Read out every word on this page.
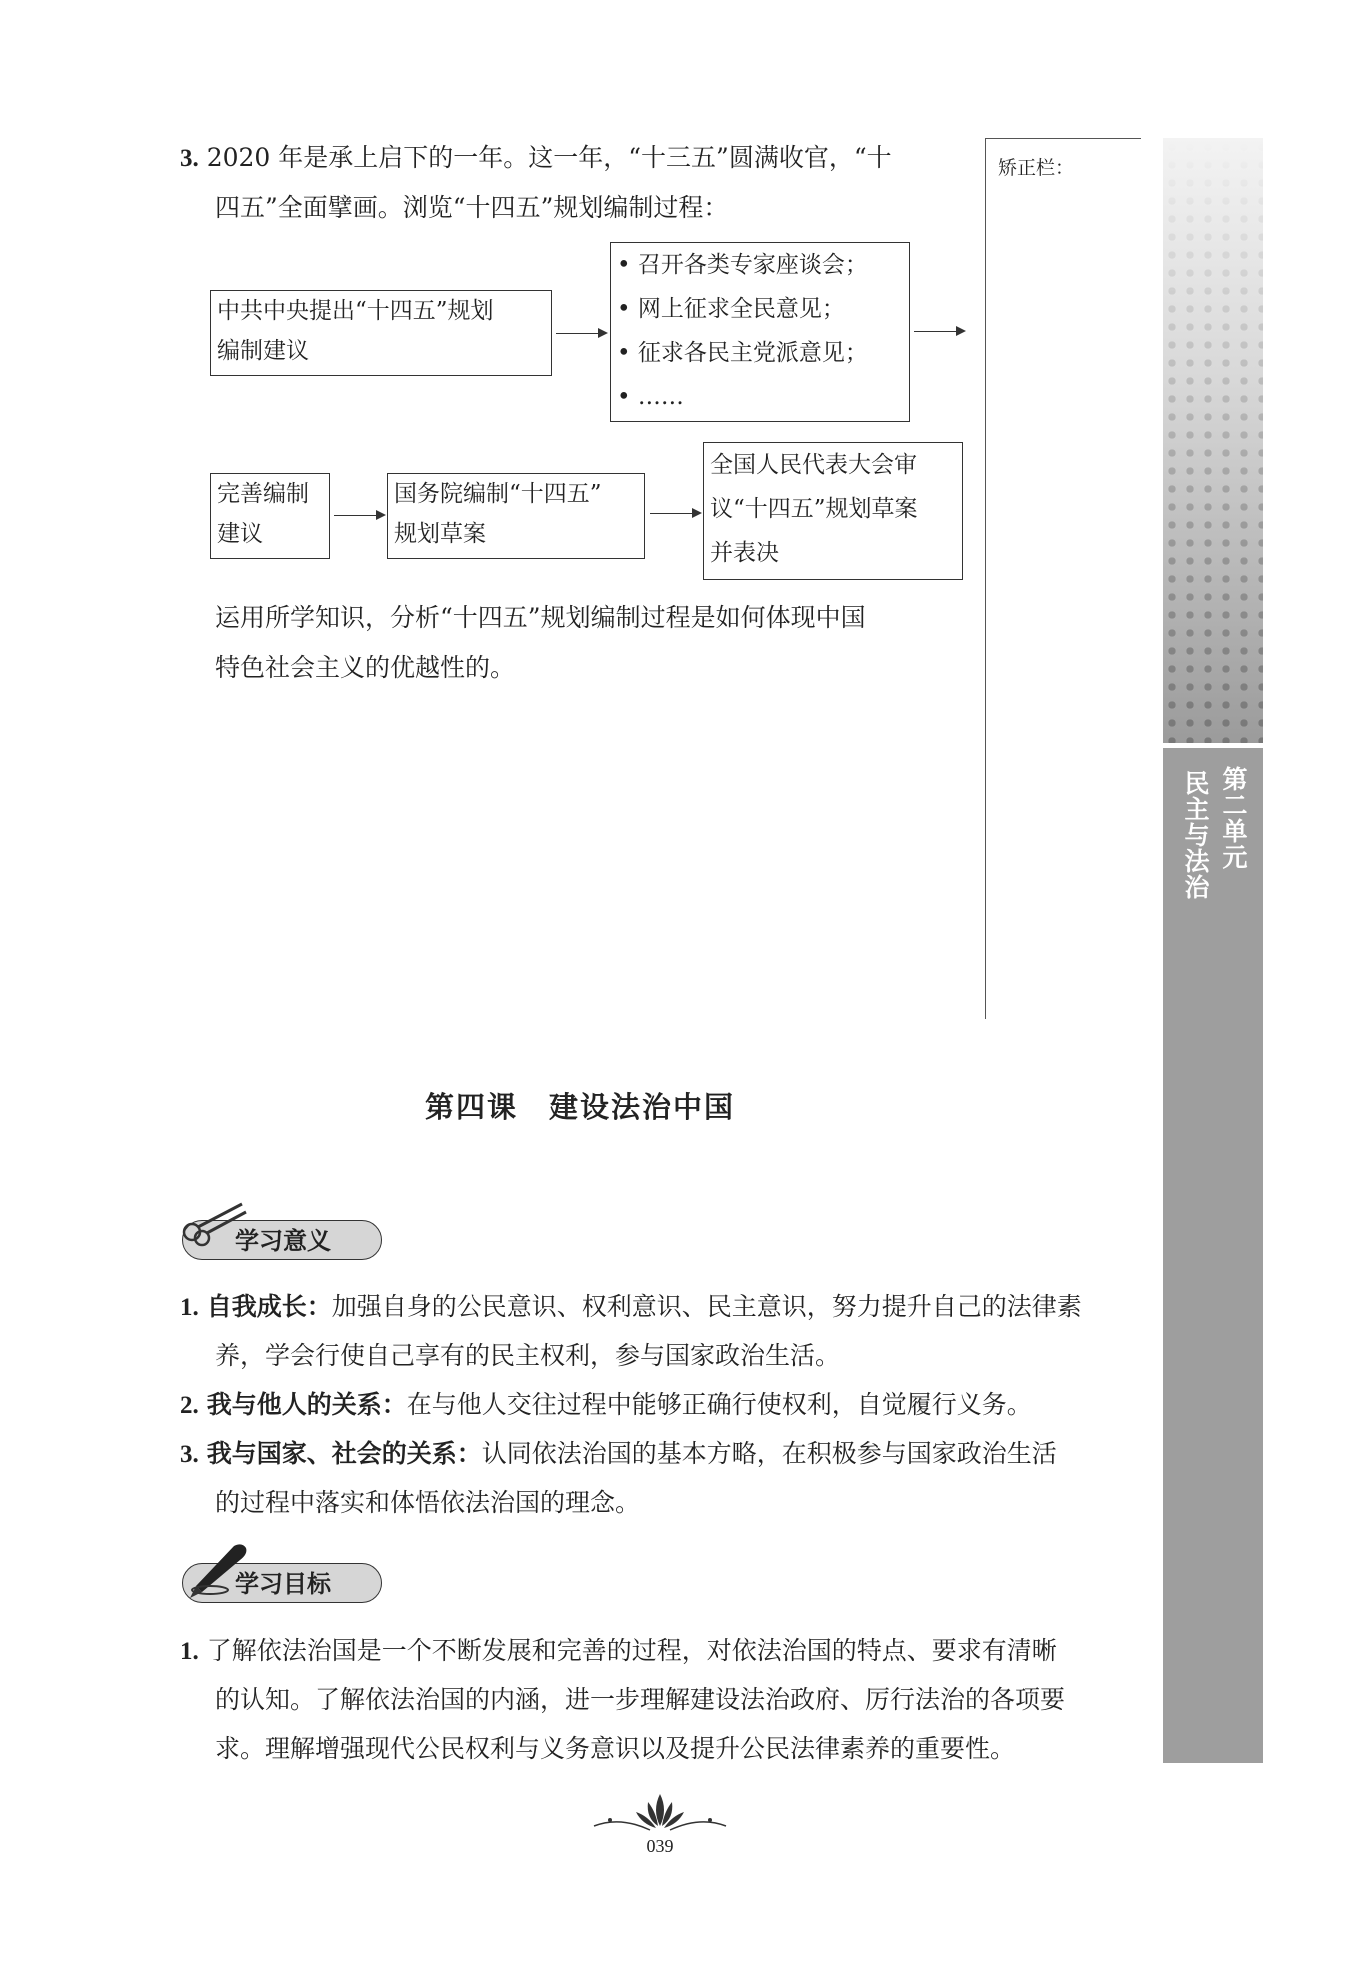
3. 2020 年是承上启下的一年。这一年，“十三五”圆满收官，“十
四五”全面擘画。浏览“十四五”规划编制过程：
中共中央提出“十四五”规划
编制建议
• 召开各类专家座谈会；
• 网上征求全民意见；
• 征求各民主党派意见；
• ……
完善编制
建议
国务院编制“十四五”
规划草案
全国人民代表大会审
议“十四五”规划草案
并表决
运用所学知识，分析“十四五”规划编制过程是如何体现中国
特色社会主义的优越性的。
矫正栏：
第二单元
民主与法治
第四课　建设法治中国
学习意义
1. 自我成长：加强自身的公民意识、权利意识、民主意识，努力提升自己的法律素
养，学会行使自己享有的民主权利，参与国家政治生活。
2. 我与他人的关系：在与他人交往过程中能够正确行使权利，自觉履行义务。
3. 我与国家、社会的关系：认同依法治国的基本方略，在积极参与国家政治生活
的过程中落实和体悟依法治国的理念。
学习目标
1. 了解依法治国是一个不断发展和完善的过程，对依法治国的特点、要求有清晰
的认知。了解依法治国的内涵，进一步理解建设法治政府、厉行法治的各项要
求。理解增强现代公民权利与义务意识以及提升公民法律素养的重要性。
039
